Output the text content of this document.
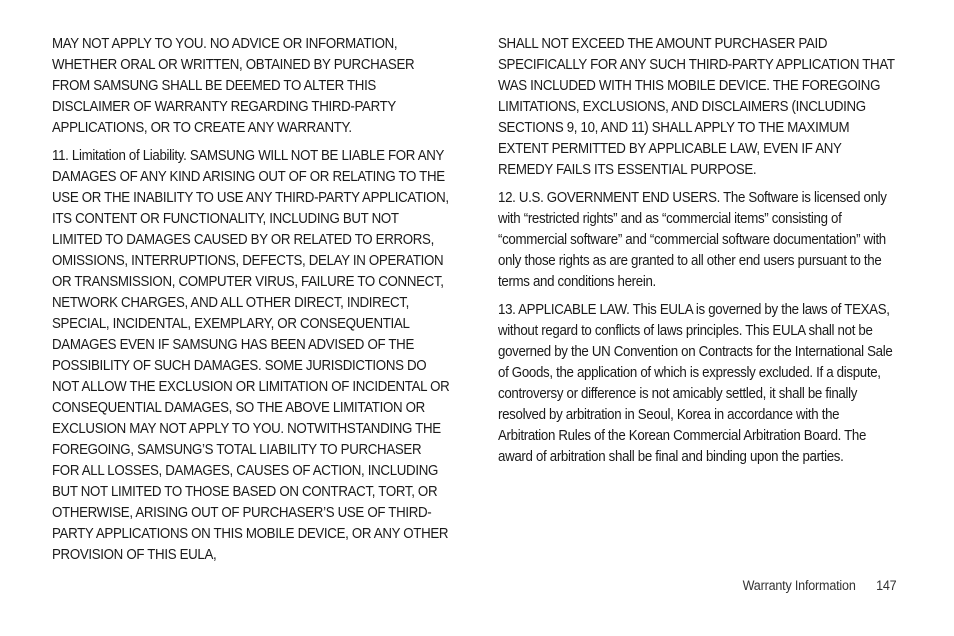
MAY NOT APPLY TO YOU. NO ADVICE OR INFORMATION, WHETHER ORAL OR WRITTEN, OBTAINED BY PURCHASER FROM SAMSUNG SHALL BE DEEMED TO ALTER THIS DISCLAIMER OF WARRANTY REGARDING THIRD-PARTY APPLICATIONS, OR TO CREATE ANY WARRANTY.

11. Limitation of Liability. SAMSUNG WILL NOT BE LIABLE FOR ANY DAMAGES OF ANY KIND ARISING OUT OF OR RELATING TO THE USE OR THE INABILITY TO USE ANY THIRD-PARTY APPLICATION, ITS CONTENT OR FUNCTIONALITY, INCLUDING BUT NOT LIMITED TO DAMAGES CAUSED BY OR RELATED TO ERRORS, OMISSIONS, INTERRUPTIONS, DEFECTS, DELAY IN OPERATION OR TRANSMISSION, COMPUTER VIRUS, FAILURE TO CONNECT, NETWORK CHARGES, AND ALL OTHER DIRECT, INDIRECT, SPECIAL, INCIDENTAL, EXEMPLARY, OR CONSEQUENTIAL DAMAGES EVEN IF SAMSUNG HAS BEEN ADVISED OF THE POSSIBILITY OF SUCH DAMAGES. SOME JURISDICTIONS DO NOT ALLOW THE EXCLUSION OR LIMITATION OF INCIDENTAL OR CONSEQUENTIAL DAMAGES, SO THE ABOVE LIMITATION OR EXCLUSION MAY NOT APPLY TO YOU. NOTWITHSTANDING THE FOREGOING, SAMSUNG’S TOTAL LIABILITY TO PURCHASER FOR ALL LOSSES, DAMAGES, CAUSES OF ACTION, INCLUDING BUT NOT LIMITED TO THOSE BASED ON CONTRACT, TORT, OR OTHERWISE, ARISING OUT OF PURCHASER’S USE OF THIRD-PARTY APPLICATIONS ON THIS MOBILE DEVICE, OR ANY OTHER PROVISION OF THIS EULA,

SHALL NOT EXCEED THE AMOUNT PURCHASER PAID SPECIFICALLY FOR ANY SUCH THIRD-PARTY APPLICATION THAT WAS INCLUDED WITH THIS MOBILE DEVICE. THE FOREGOING LIMITATIONS, EXCLUSIONS, AND DISCLAIMERS (INCLUDING SECTIONS 9, 10, AND 11) SHALL APPLY TO THE MAXIMUM EXTENT PERMITTED BY APPLICABLE LAW, EVEN IF ANY REMEDY FAILS ITS ESSENTIAL PURPOSE.

12. U.S. GOVERNMENT END USERS. The Software is licensed only with “restricted rights” and as “commercial items” consisting of “commercial software” and “commercial software documentation” with only those rights as are granted to all other end users pursuant to the terms and conditions herein.

13. APPLICABLE LAW. This EULA is governed by the laws of TEXAS, without regard to conflicts of laws principles. This EULA shall not be governed by the UN Convention on Contracts for the International Sale of Goods, the application of which is expressly excluded. If a dispute, controversy or difference is not amicably settled, it shall be finally resolved by arbitration in Seoul, Korea in accordance with the Arbitration Rules of the Korean Commercial Arbitration Board. The award of arbitration shall be final and binding upon the parties.

Warranty Information 147
